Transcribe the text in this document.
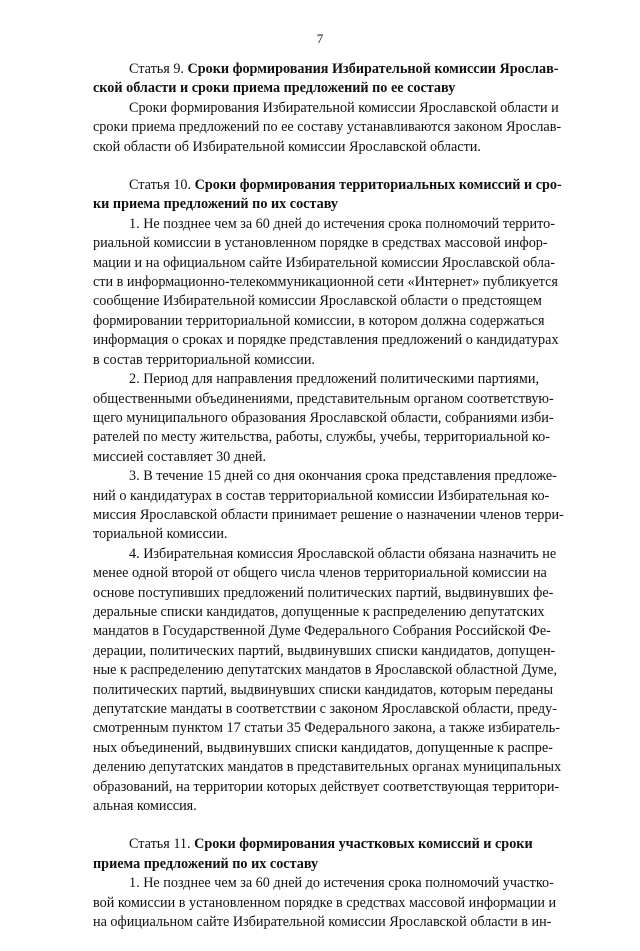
7
Статья 9. Сроки формирования Избирательной комиссии Ярослав-
ской области и сроки приема предложений по ее составу
Сроки формирования Избирательной комиссии Ярославской области и
сроки приема предложений по ее составу устанавливаются законом Ярослав-
ской области об Избирательной комиссии Ярославской области.
Статья 10. Сроки формирования территориальных комиссий и сро-
ки приема предложений по их составу
1. Не позднее чем за 60 дней до истечения срока полномочий террито-
риальной комиссии в установленном порядке в средствах массовой инфор-
мации и на официальном сайте Избирательной комиссии Ярославской обла-
сти в информационно-телекоммуникационной сети «Интернет» публикуется
сообщение Избирательной комиссии Ярославской области о предстоящем
формировании территориальной комиссии, в котором должна содержаться
информация о сроках и порядке представления предложений о кандидатурах
в состав территориальной комиссии.
2. Период для направления предложений политическими партиями,
общественными объединениями, представительным органом соответствую-
щего муниципального образования Ярославской области, собраниями изби-
рателей по месту жительства, работы, службы, учебы, территориальной ко-
миссией составляет 30 дней.
3. В течение 15 дней со дня окончания срока представления предложе-
ний о кандидатурах в состав территориальной комиссии Избирательная ко-
миссия Ярославской области принимает решение о назначении членов терри-
ториальной комиссии.
4. Избирательная комиссия Ярославской области обязана назначить не
менее одной второй от общего числа членов территориальной комиссии на
основе поступивших предложений политических партий, выдвинувших фе-
деральные списки кандидатов, допущенные к распределению депутатских
мандатов в Государственной Думе Федерального Собрания Российской Фе-
дерации, политических партий, выдвинувших списки кандидатов, допущен-
ные к распределению депутатских мандатов в Ярославской областной Думе,
политических партий, выдвинувших списки кандидатов, которым переданы
депутатские мандаты в соответствии с законом Ярославской области, преду-
смотренным пунктом 17 статьи 35 Федерального закона, а также избиратель-
ных объединений, выдвинувших списки кандидатов, допущенные к распре-
делению депутатских мандатов в представительных органах муниципальных
образований, на территории которых действует соответствующая территори-
альная комиссия.
Статья 11. Сроки формирования участковых комиссий и сроки
приема предложений по их составу
1. Не позднее чем за 60 дней до истечения срока полномочий участко-
вой комиссии в установленном порядке в средствах массовой информации и
на официальном сайте Избирательной комиссии Ярославской области в ин-
